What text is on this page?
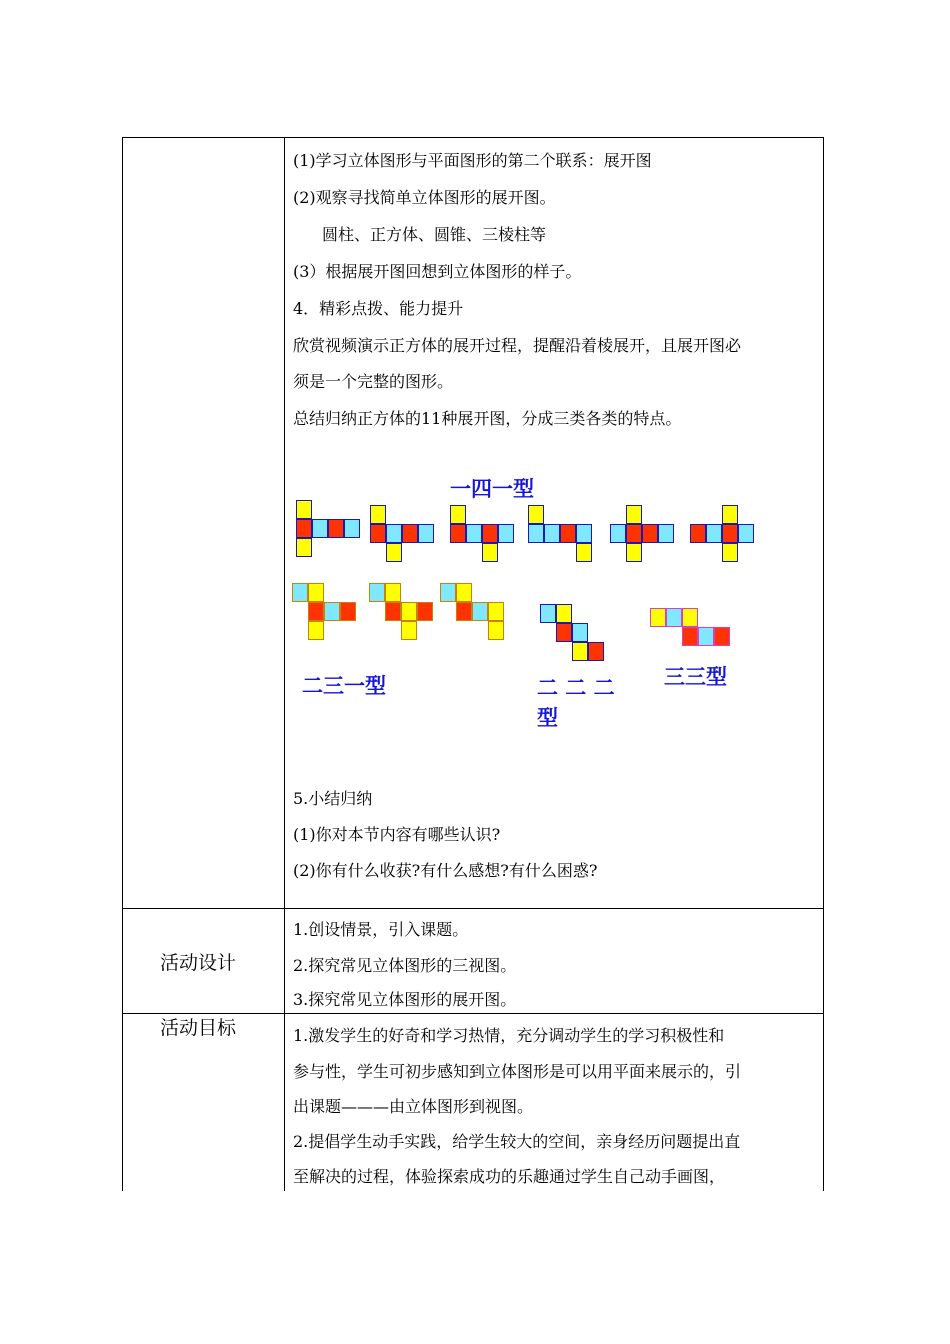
(1)学习立体图形与平面图形的第二个联系：展开图
(2)观察寻找简单立体图形的展开图。
圆柱、正方体、圆锥、三棱柱等
(3）根据展开图回想到立体图形的样子。
4．精彩点拨、能力提升
欣赏视频演示正方体的展开过程，提醒沿着棱展开，且展开图必
须是一个完整的图形。
总结归纳正方体的11种展开图，分成三类各类的特点。
一四一型
二三一型	二 二 二
型
三三型
5.小结归纳
(1)你对本节内容有哪些认识?
(2)你有什么收获?有什么感想?有什么困惑?
活动设计
1.创设情景，引入课题。
2.探究常见立体图形的三视图。
3.探究常见立体图形的展开图。
活动目标	1.激发学生的好奇和学习热情，充分调动学生的学习积极性和
参与性，学生可初步感知到立体图形是可以用平面来展示的，引
出课题———由立体图形到视图。
2.提倡学生动手实践，给学生较大的空间，亲身经历问题提出直
至解决的过程，体验探索成功的乐趣通过学生自己动手画图，
